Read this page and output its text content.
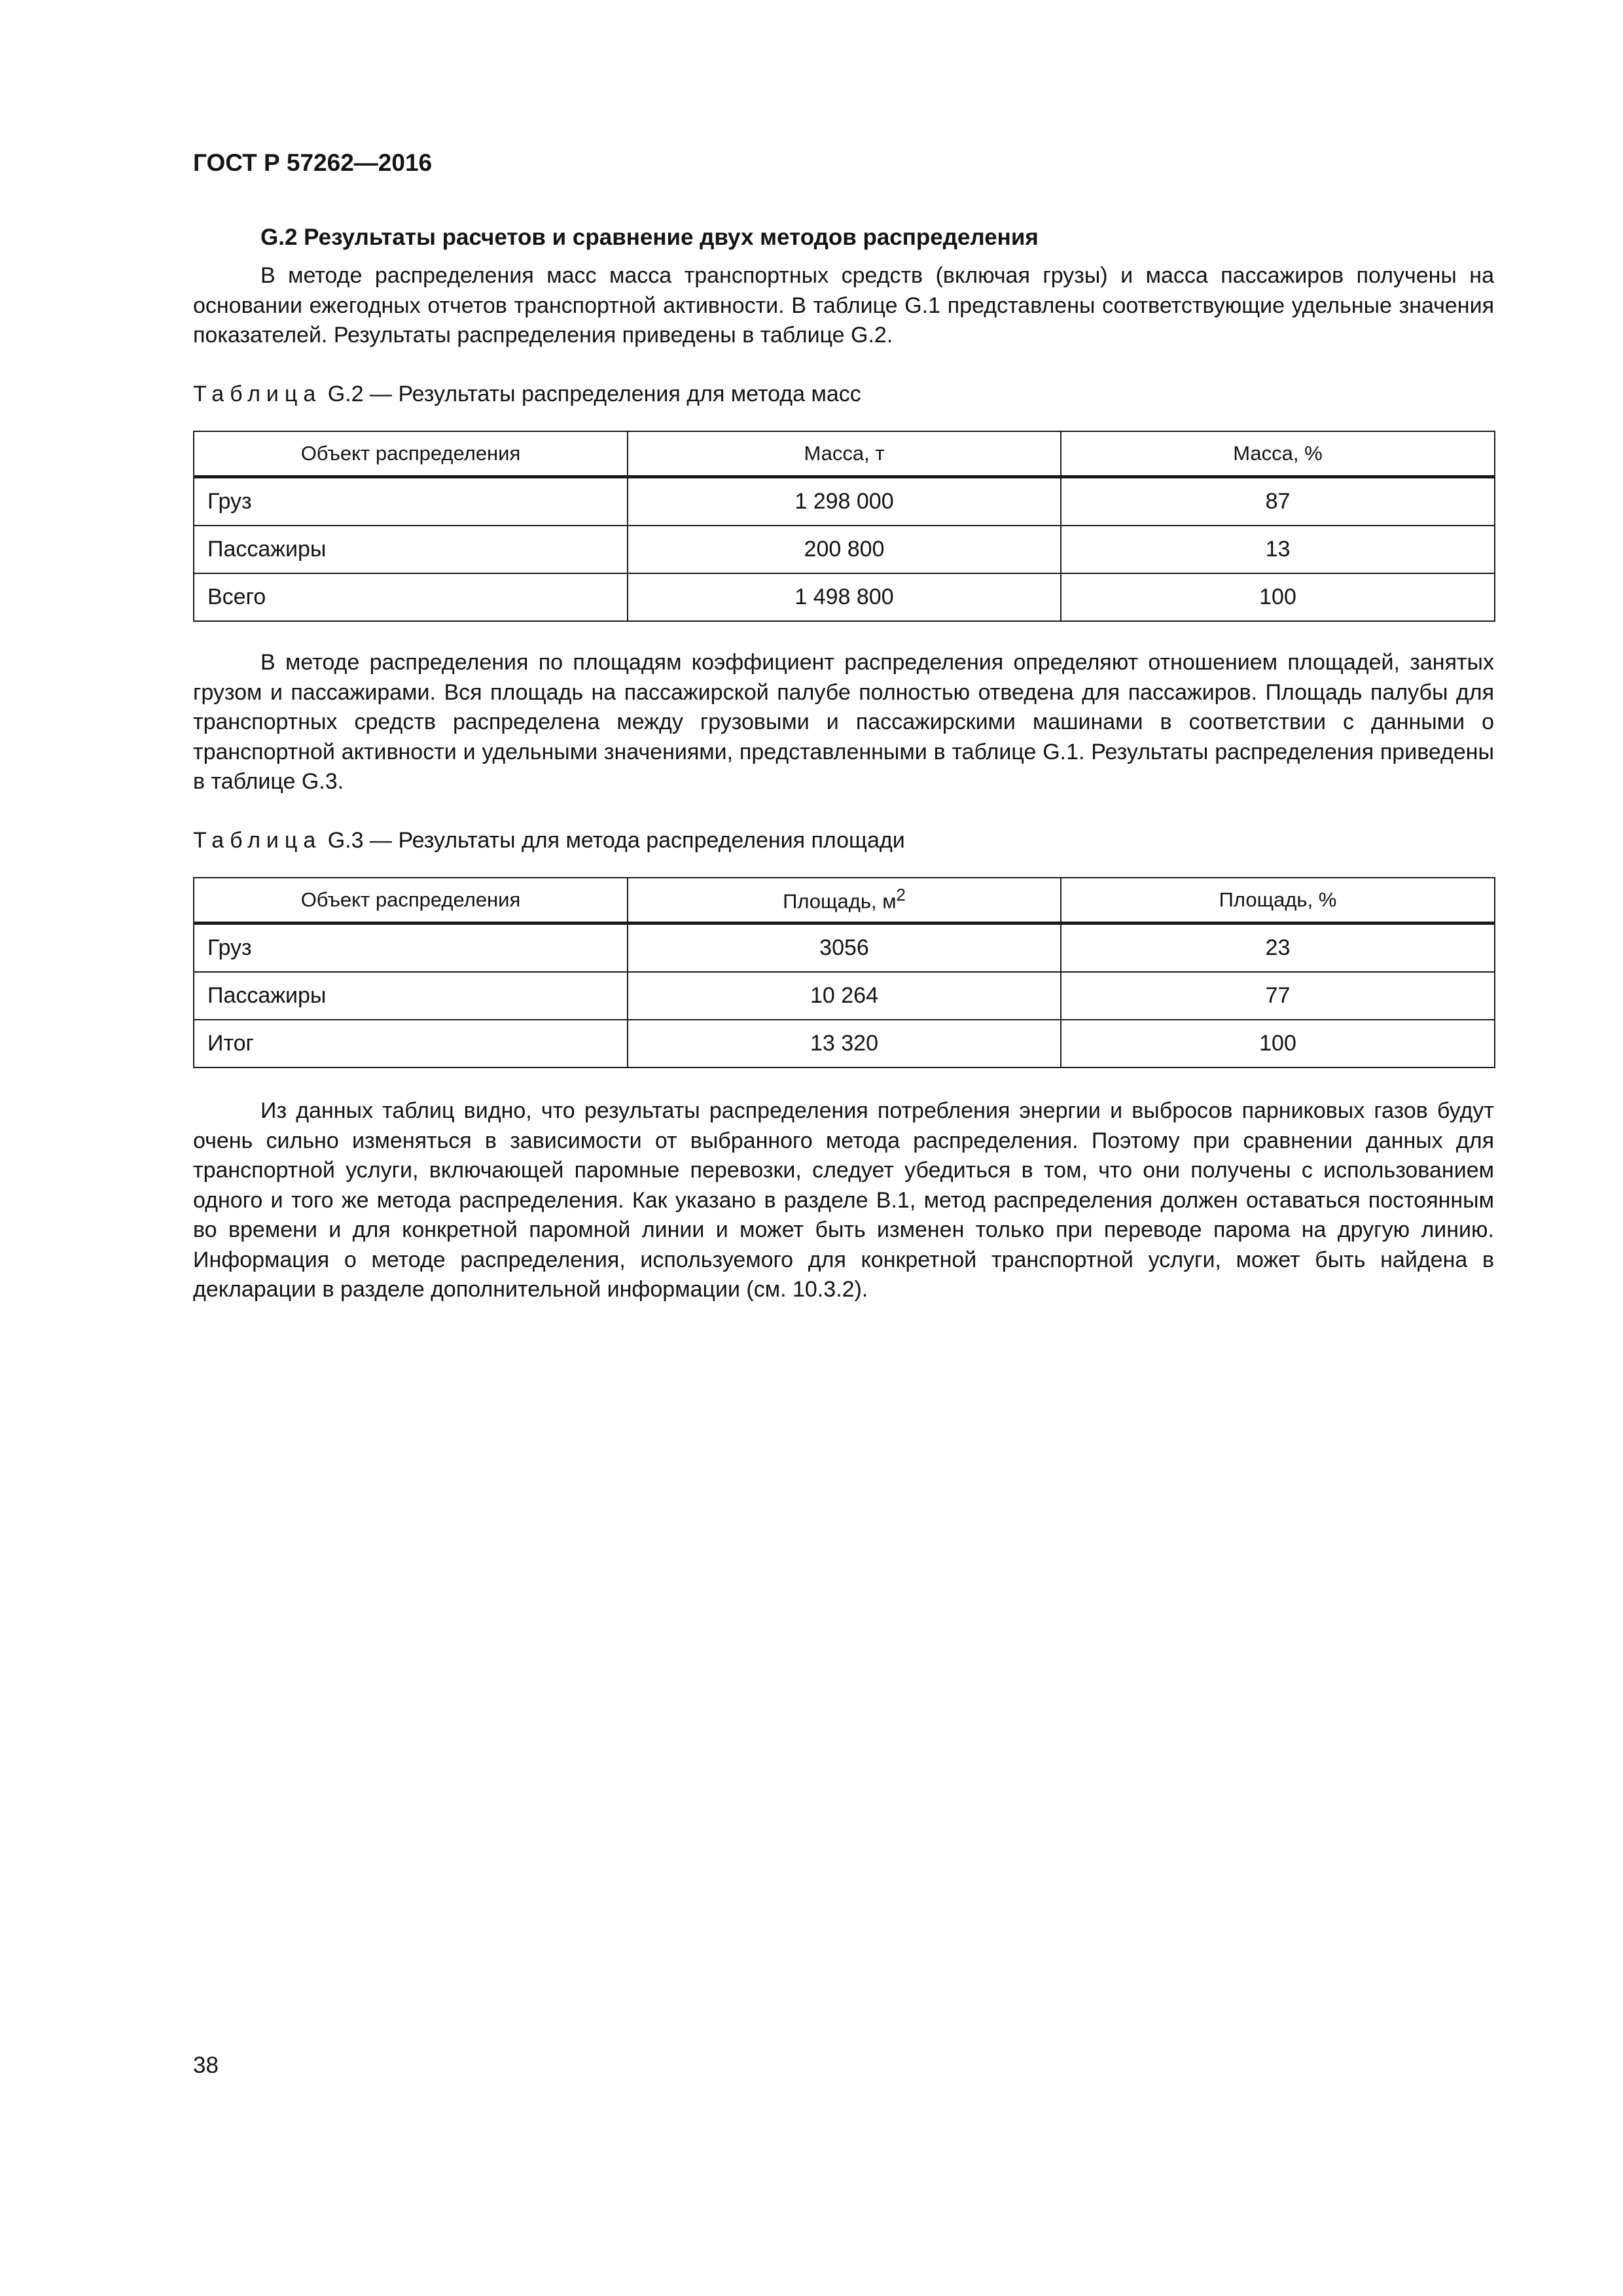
ГОСТ Р 57262—2016
G.2 Результаты расчетов и сравнение двух методов распределения

В методе распределения масс масса транспортных средств (включая грузы) и масса пассажиров получены на основании ежегодных отчетов транспортной активности. В таблице G.1 представлены соответствующие удельные значения показателей. Результаты распределения приведены в таблице G.2.

Таблица G.2 — Результаты распределения для метода масс
Объект распределения	Масса, т	Масса, %
Груз	1 298 000	87
Пассажиры	200 800	13
Всего	1 498 800	100

В методе распределения по площадям коэффициент распределения определяют отношением площадей, занятых грузом и пассажирами. Вся площадь на пассажирской палубе полностью отведена для пассажиров. Площадь палубы для транспортных средств распределена между грузовыми и пассажирскими машинами в соответствии с данными о транспортной активности и удельными значениями, представленными в таблице G.1. Результаты распределения приведены в таблице G.3.

Таблица G.3 — Результаты для метода распределения площади
Объект распределения	Площадь, $м^2$	Площадь, %
Груз	3056	23
Пассажиры	10 264	77
Итог	13 320	100

Из данных таблиц видно, что результаты распределения потребления энергии и выбросов парниковых газов будут очень сильно изменяться в зависимости от выбранного метода распределения. Поэтому при сравнении данных для транспортной услуги, включающей паромные перевозки, следует убедиться в том, что они получены с использованием одного и того же метода распределения. Как указано в разделе В.1, метод распределения должен оставаться постоянным во времени и для конкретной паромной линии и может быть изменен только при переводе парома на другую линию. Информация о методе распределения, используемого для конкретной транспортной услуги, может быть найдена в декларации в разделе дополнительной информации (см. 10.3.2).

38
